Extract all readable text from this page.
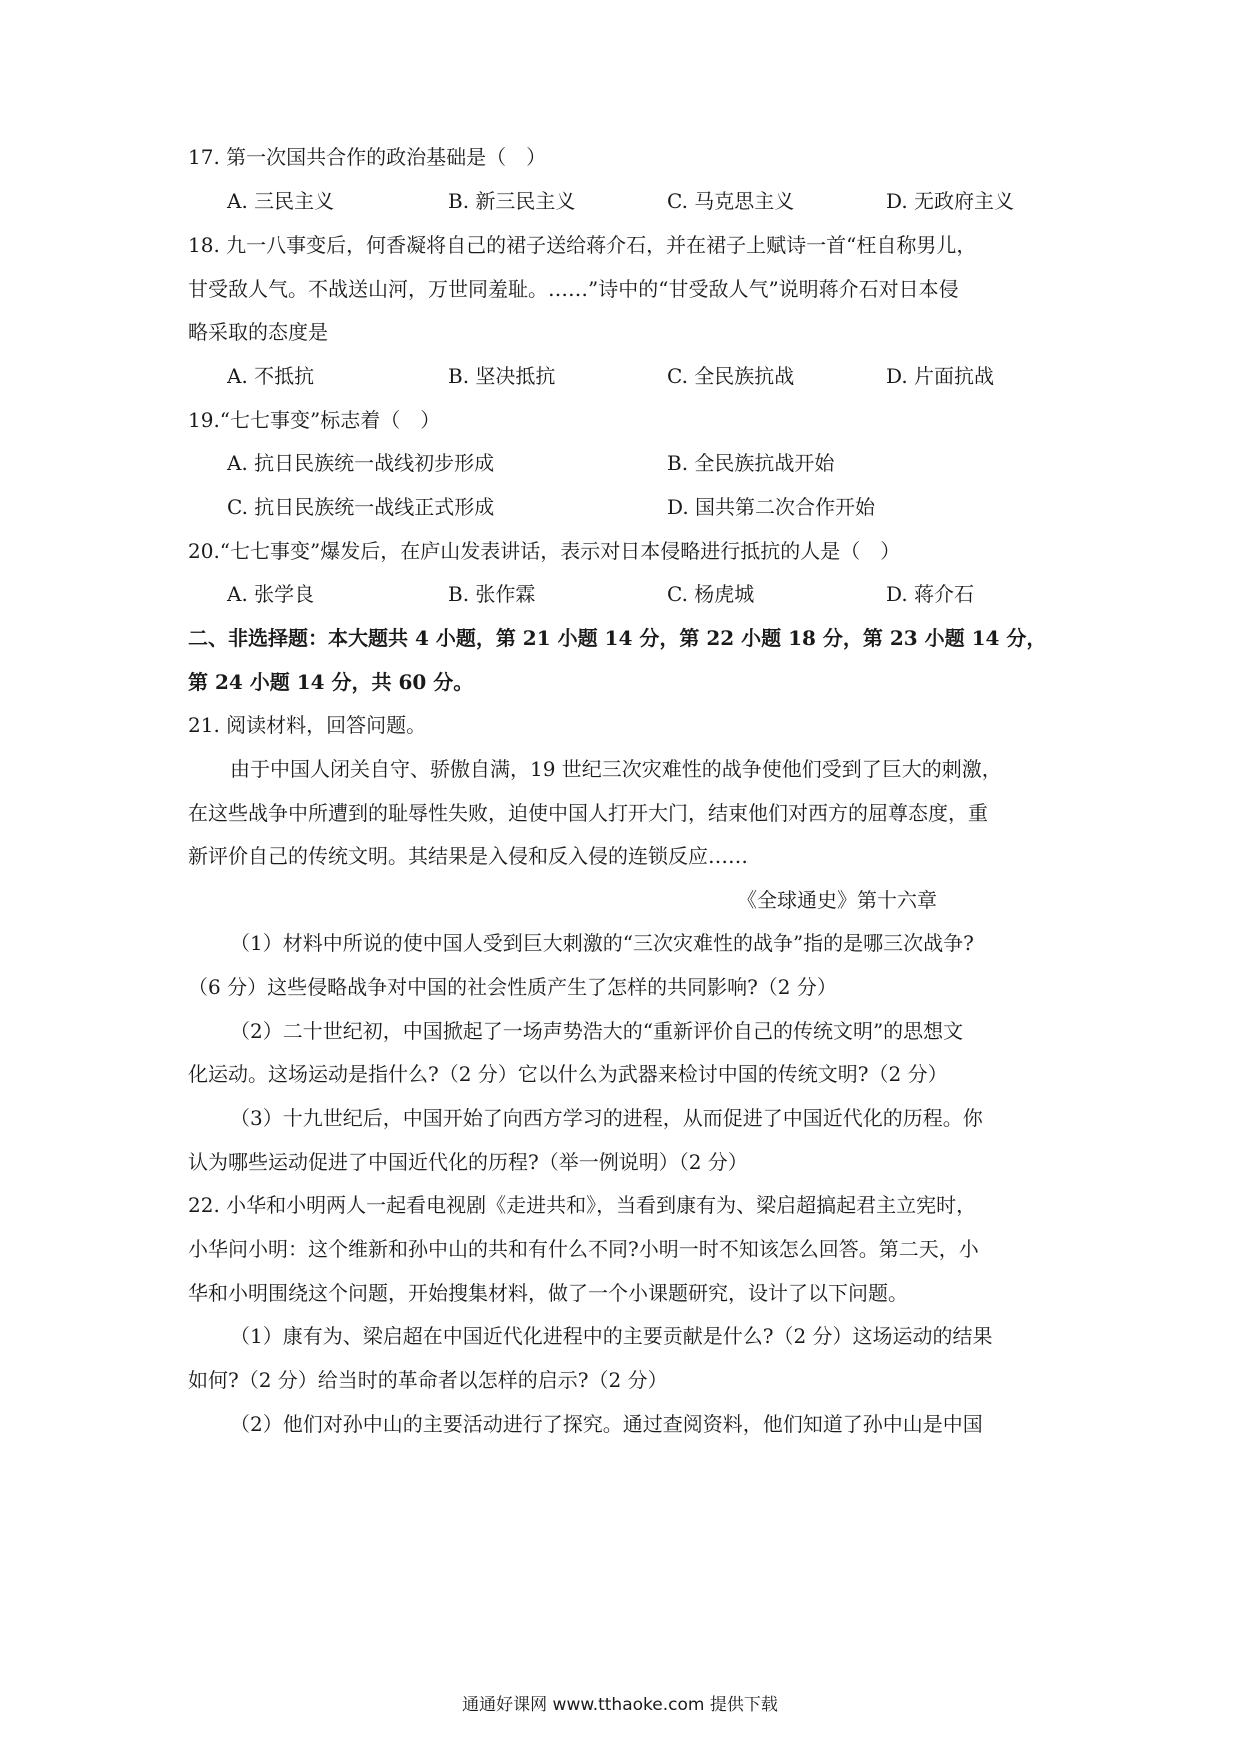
17. 第一次国共合作的政治基础是（　）
A. 三民主义	B. 新三民主义	C. 马克思主义	D. 无政府主义
18. 九一八事变后，何香凝将自己的裙子送给蒋介石，并在裙子上赋诗一首“枉自称男儿，
甘受敌人气。不战送山河，万世同羞耻。……”诗中的“甘受敌人气”说明蒋介石对日本侵
略采取的态度是
A. 不抵抗	B. 坚决抵抗	C. 全民族抗战	D. 片面抗战
19.“七七事变”标志着（　）
A. 抗日民族统一战线初步形成	B. 全民族抗战开始
C. 抗日民族统一战线正式形成	D. 国共第二次合作开始
20.“七七事变”爆发后，在庐山发表讲话，表示对日本侵略进行抵抗的人是（　）
A. 张学良	B. 张作霖	C. 杨虎城	D. 蒋介石
二、非选择题：本大题共 4 小题，第 21 小题 14 分，第 22 小题 18 分，第 23 小题 14 分，
第 24 小题 14 分，共 60 分。
21. 阅读材料，回答问题。
由于中国人闭关自守、骄傲自满，19 世纪三次灾难性的战争使他们受到了巨大的刺激，
在这些战争中所遭到的耻辱性失败，迫使中国人打开大门，结束他们对西方的屈尊态度，重
新评价自己的传统文明。其结果是入侵和反入侵的连锁反应……
《全球通史》第十六章
（1）材料中所说的使中国人受到巨大刺激的“三次灾难性的战争”指的是哪三次战争?
（6 分）这些侵略战争对中国的社会性质产生了怎样的共同影响?（2 分）
（2）二十世纪初，中国掀起了一场声势浩大的“重新评价自己的传统文明”的思想文
化运动。这场运动是指什么?（2 分）它以什么为武器来检讨中国的传统文明?（2 分）
（3）十九世纪后，中国开始了向西方学习的进程，从而促进了中国近代化的历程。你
认为哪些运动促进了中国近代化的历程?（举一例说明）（2 分）
22. 小华和小明两人一起看电视剧《走进共和》，当看到康有为、梁启超搞起君主立宪时，
小华问小明：这个维新和孙中山的共和有什么不同?小明一时不知该怎么回答。第二天，小
华和小明围绕这个问题，开始搜集材料，做了一个小课题研究，设计了以下问题。
（1）康有为、梁启超在中国近代化进程中的主要贡献是什么?（2 分）这场运动的结果
如何?（2 分）给当时的革命者以怎样的启示?（2 分）
（2）他们对孙中山的主要活动进行了探究。通过查阅资料，他们知道了孙中山是中国
通通好课网 www.tthaoke.com 提供下载
